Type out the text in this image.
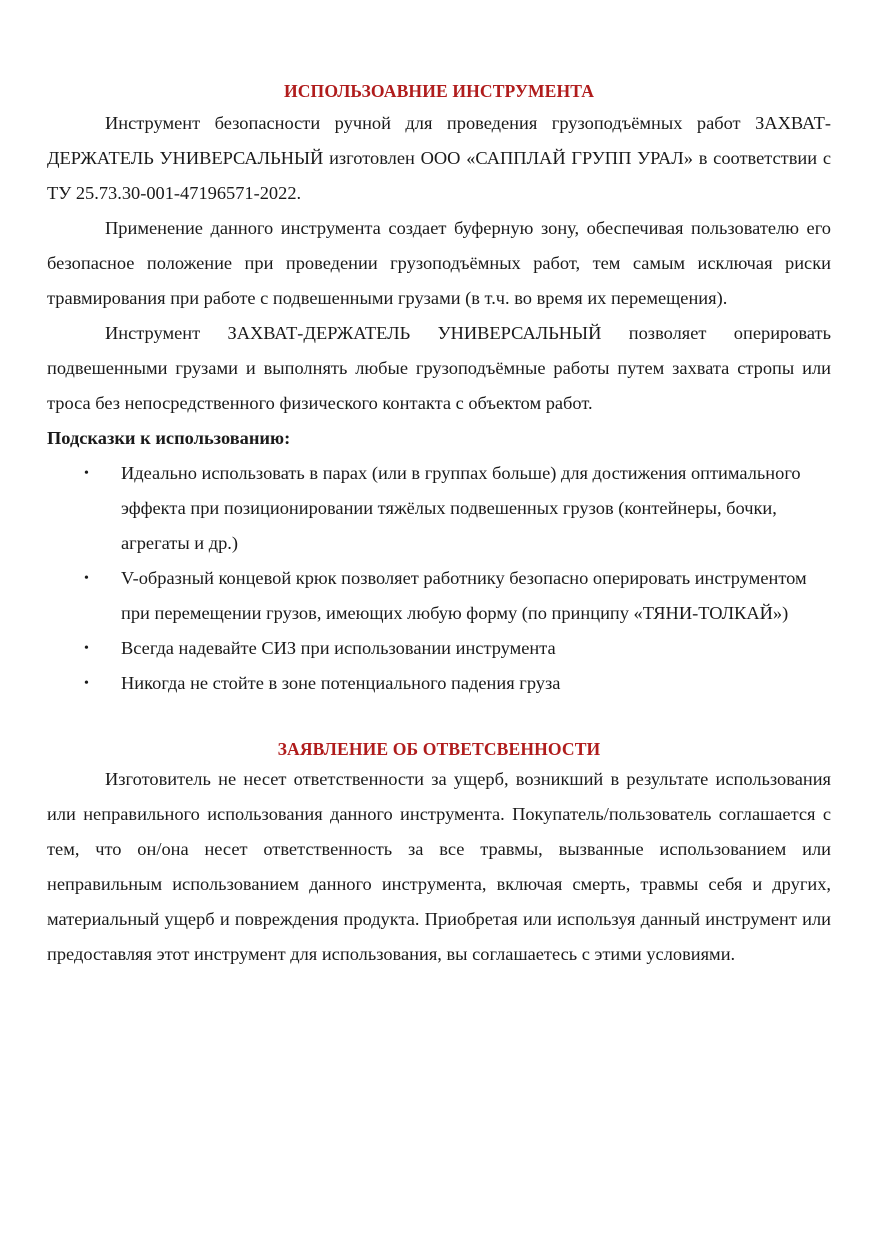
ИСПОЛЬЗОАВНИЕ ИНСТРУМЕНТА

Инструмент безопасности ручной для проведения грузоподъёмных работ ЗАХВАТ-ДЕРЖАТЕЛЬ УНИВЕРСАЛЬНЫЙ изготовлен ООО «САППЛАЙ ГРУПП УРАЛ» в соответствии с ТУ 25.73.30-001-47196571-2022.

Применение данного инструмента создает буферную зону, обеспечивая пользователю его безопасное положение при проведении грузоподъёмных работ, тем самым исключая риски травмирования при работе с подвешенными грузами (в т.ч. во время их перемещения).

Инструмент ЗАХВАТ-ДЕРЖАТЕЛЬ УНИВЕРСАЛЬНЫЙ позволяет оперировать подвешенными грузами и выполнять любые грузоподъёмные работы путем захвата стропы или троса без непосредственного физического контакта с объектом работ.

Подсказки к использованию:

• Идеально использовать в парах (или в группах больше) для достижения оптимального эффекта при позиционировании тяжёлых подвешенных грузов (контейнеры, бочки, агрегаты и др.)
• V-образный концевой крюк позволяет работнику безопасно оперировать инструментом при перемещении грузов, имеющих любую форму (по принципу «ТЯНИ-ТОЛКАЙ»)
• Всегда надевайте СИЗ при использовании инструмента
• Никогда не стойте в зоне потенциального падения груза
ЗАЯВЛЕНИЕ ОБ ОТВЕТСВЕННОСТИ

Изготовитель не несет ответственности за ущерб, возникший в результате использования или неправильного использования данного инструмента. Покупатель/пользователь соглашается с тем, что он/она несет ответственность за все травмы, вызванные использованием или неправильным использованием данного инструмента, включая смерть, травмы себя и других, материальный ущерб и повреждения продукта. Приобретая или используя данный инструмент или предоставляя этот инструмент для использования, вы соглашаетесь с этими условиями.
